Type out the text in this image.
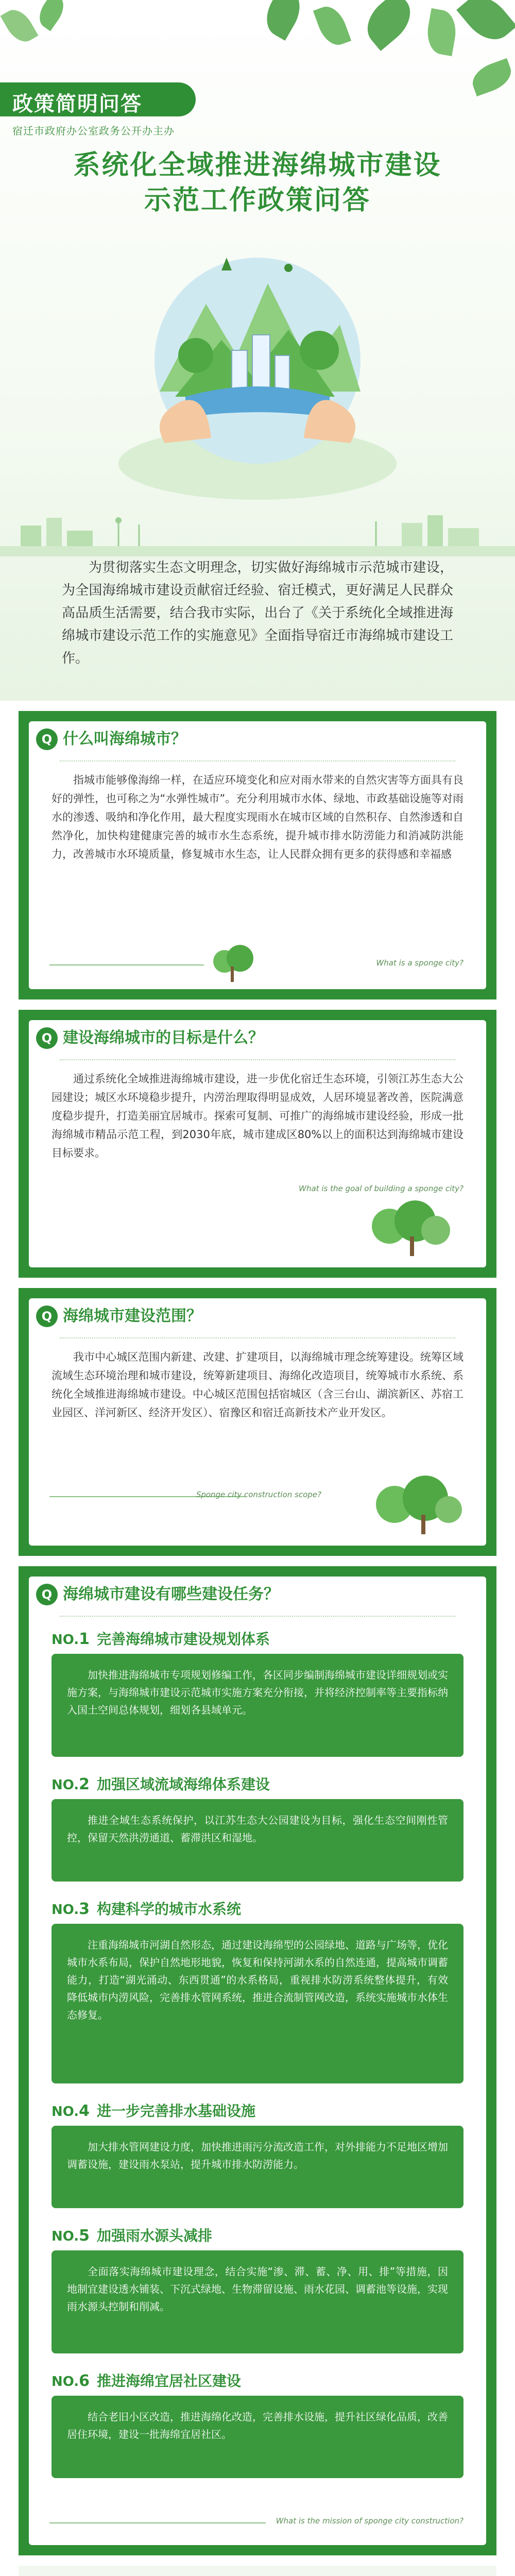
政策简明问答
宿迁市政府办公室政务公开办主办
系统化全域推进海绵城市建设
示范工作政策问答
为贯彻落实生态文明理念，切实做好海绵城市示范城市建设，为全国海绵城市建设贡献宿迁经验、宿迁模式，更好满足人民群众高品质生活需要，结合我市实际，出台了《关于系统化全域推进海绵城市建设示范工作的实施意见》全面指导宿迁市海绵城市建设工作。
Q 什么叫海绵城市？
指城市能够像海绵一样，在适应环境变化和应对雨水带来的自然灾害等方面具有良好的弹性，也可称之为“水弹性城市”。充分利用城市水体、绿地、市政基础设施等对雨水的渗透、吸纳和净化作用，最大程度实现雨水在城市区域的自然积存、自然渗透和自然净化，加快构建健康完善的城市水生态系统，提升城市排水防涝能力和消减防洪能力，改善城市水环境质量，修复城市水生态，让人民群众拥有更多的获得感和幸福感
What is a sponge city?
Q 建设海绵城市的目标是什么？
通过系统化全域推进海绵城市建设，进一步优化宿迁生态环境，引领江苏生态大公园建设；城区水环境稳步提升，内涝治理取得明显成效，人居环境显著改善，医院满意度稳步提升，打造美丽宜居城市。探索可复制、可推广的海绵城市建设经验，形成一批海绵城市精品示范工程，到2030年底，城市建成区80%以上的面积达到海绵城市建设目标要求。
What is the goal of building a sponge city?
Q 海绵城市建设范围？
我市中心城区范围内新建、改建、扩建项目，以海绵城市理念统筹建设。统筹区域流域生态环境治理和城市建设，统筹新建项目、海绵化改造项目，统筹城市水系统、系统化全域推进海绵城市建设。中心城区范围包括宿城区（含三台山、湖滨新区、苏宿工业园区、洋河新区、经济开发区）、宿豫区和宿迁高新技术产业开发区。
Sponge city construction scope?
Q 海绵城市建设有哪些建设任务？
NO.1 完善海绵城市建设规划体系

加快推进海绵城市专项规划修编工作，各区同步编制海绵城市建设详细规划或实施方案，与海绵城市建设示范城市实施方案充分衔接，并将经济控制率等主要指标纳入国土空间总体规划，细划各县域单元。

NO.2 加强区域流域海绵体系建设

推进全域生态系统保护，以江苏生态大公园建设为目标，强化生态空间刚性管控，保留天然洪涝通道、蓄滞洪区和湿地。

NO.3 构建科学的城市水系统

注重海绵城市河湖自然形态，通过建设海绵型的公园绿地、道路与广场等，优化城市水系布局，保护自然地形地貌，恢复和保持河湖水系的自然连通，提高城市调蓄能力，打造“湖光涌动、东西贯通”的水系格局，重视排水防涝系统整体提升，有效降低城市内涝风险，完善排水管网系统，推进合流制管网改造，系统实施城市水体生态修复。

NO.4 进一步完善排水基础设施

加大排水管网建设力度，加快推进雨污分流改造工作，对外排能力不足地区增加调蓄设施，建设雨水泵站，提升城市排水防涝能力。

NO.5 加强雨水源头减排

全面落实海绵城市建设理念，结合实施“渗、滞、蓄、净、用、排”等措施，因地制宜建设透水铺装、下沉式绿地、生物滞留设施、雨水花园、调蓄池等设施，实现雨水源头控制和削减。

NO.6 推进海绵宜居社区建设

结合老旧小区改造，推进海绵化改造，完善排水设施，提升社区绿化品质，改善居住环境，建设一批海绵宜居社区。

What is the mission of sponge city construction?
